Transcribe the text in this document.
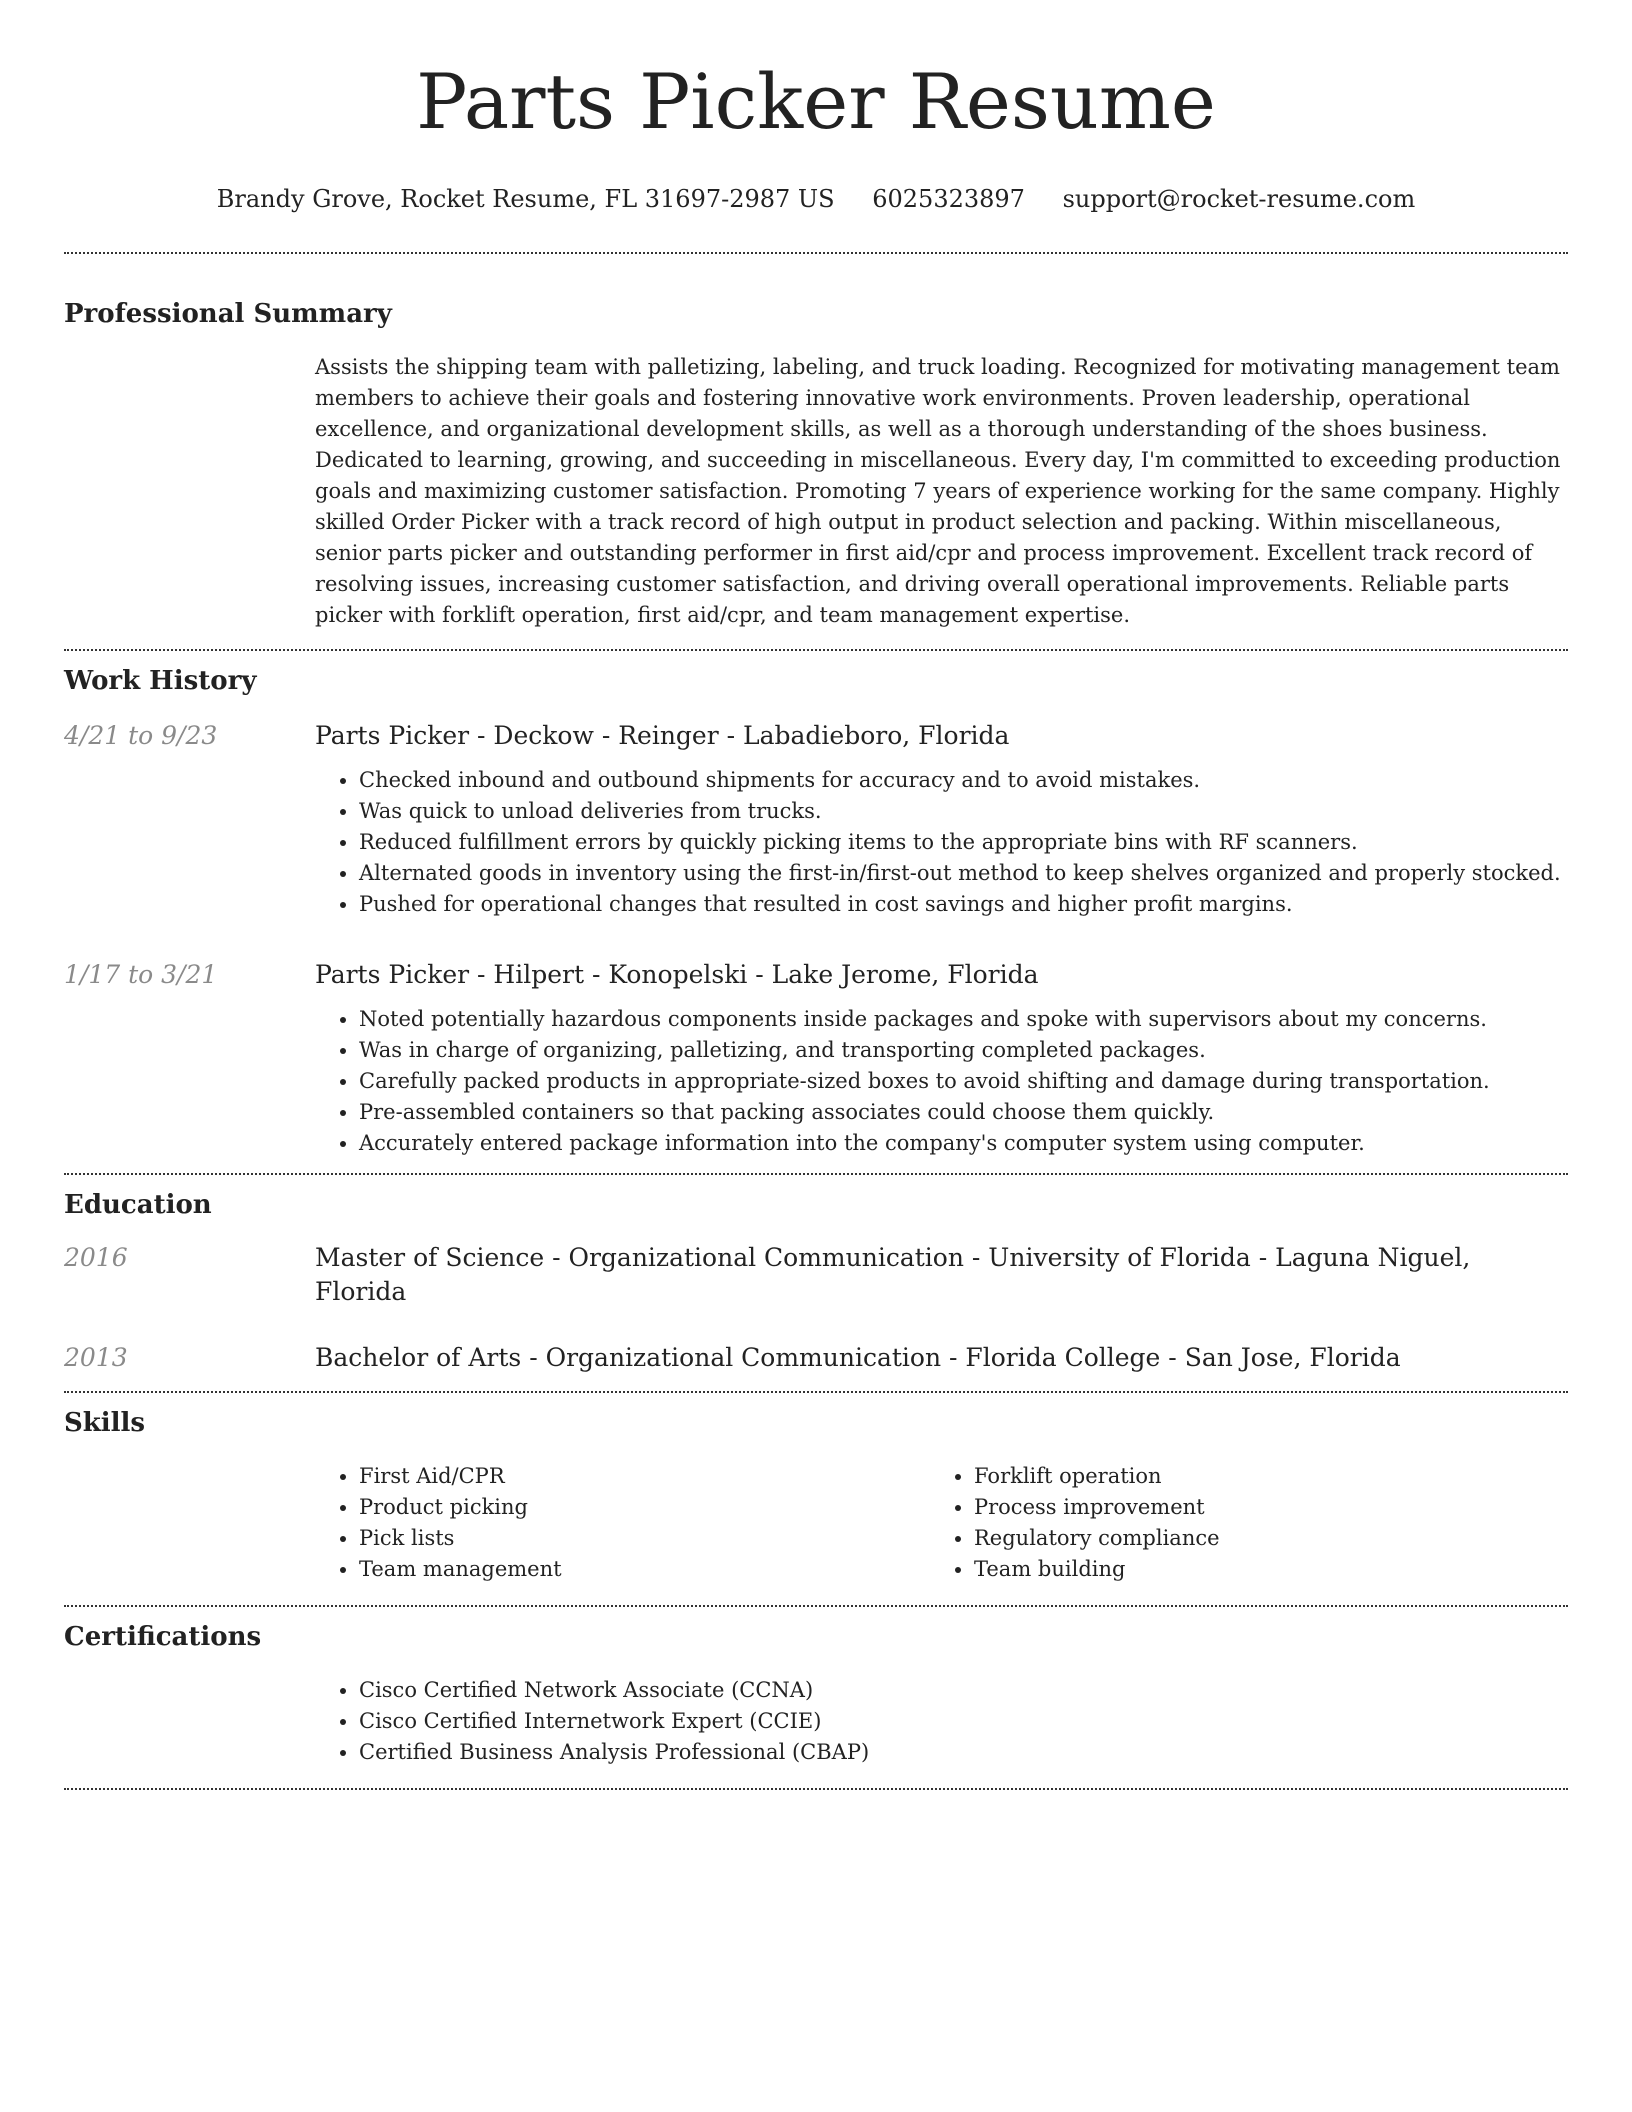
Parts Picker Resume
Brandy Grove, Rocket Resume, FL 31697-2987 US 6025323897 support@rocket-resume.com
Professional Summary

Assists the shipping team with palletizing, labeling, and truck loading. Recognized for motivating management team members to achieve their goals and fostering innovative work environments. Proven leadership, operational excellence, and organizational development skills, as well as a thorough understanding of the shoes business. Dedicated to learning, growing, and succeeding in miscellaneous. Every day, I'm committed to exceeding production goals and maximizing customer satisfaction. Promoting 7 years of experience working for the same company. Highly skilled Order Picker with a track record of high output in product selection and packing. Within miscellaneous, senior parts picker and outstanding performer in first aid/cpr and process improvement. Excellent track record of resolving issues, increasing customer satisfaction, and driving overall operational improvements. Reliable parts picker with forklift operation, first aid/cpr, and team management expertise.

Work History
4/21 to 9/23	Parts Picker - Deckow - Reinger - Labadieboro, Florida
• Checked inbound and outbound shipments for accuracy and to avoid mistakes.
• Was quick to unload deliveries from trucks.
• Reduced fulfillment errors by quickly picking items to the appropriate bins with RF scanners.
• Alternated goods in inventory using the first-in/first-out method to keep shelves organized and properly stocked.
• Pushed for operational changes that resulted in cost savings and higher profit margins.
1/17 to 3/21	Parts Picker - Hilpert - Konopelski - Lake Jerome, Florida
• Noted potentially hazardous components inside packages and spoke with supervisors about my concerns.
• Was in charge of organizing, palletizing, and transporting completed packages.
• Carefully packed products in appropriate-sized boxes to avoid shifting and damage during transportation.
• Pre-assembled containers so that packing associates could choose them quickly.
• Accurately entered package information into the company's computer system using computer.
Education
2016	Master of Science - Organizational Communication - University of Florida - Laguna Niguel, Florida
2013	Bachelor of Arts - Organizational Communication - Florida College - San Jose, Florida
Skills
• First Aid/CPR
• Product picking
• Pick lists
• Team management
• Forklift operation
• Process improvement
• Regulatory compliance
• Team building
Certifications
• Cisco Certified Network Associate (CCNA)
• Cisco Certified Internetwork Expert (CCIE)
• Certified Business Analysis Professional (CBAP)
